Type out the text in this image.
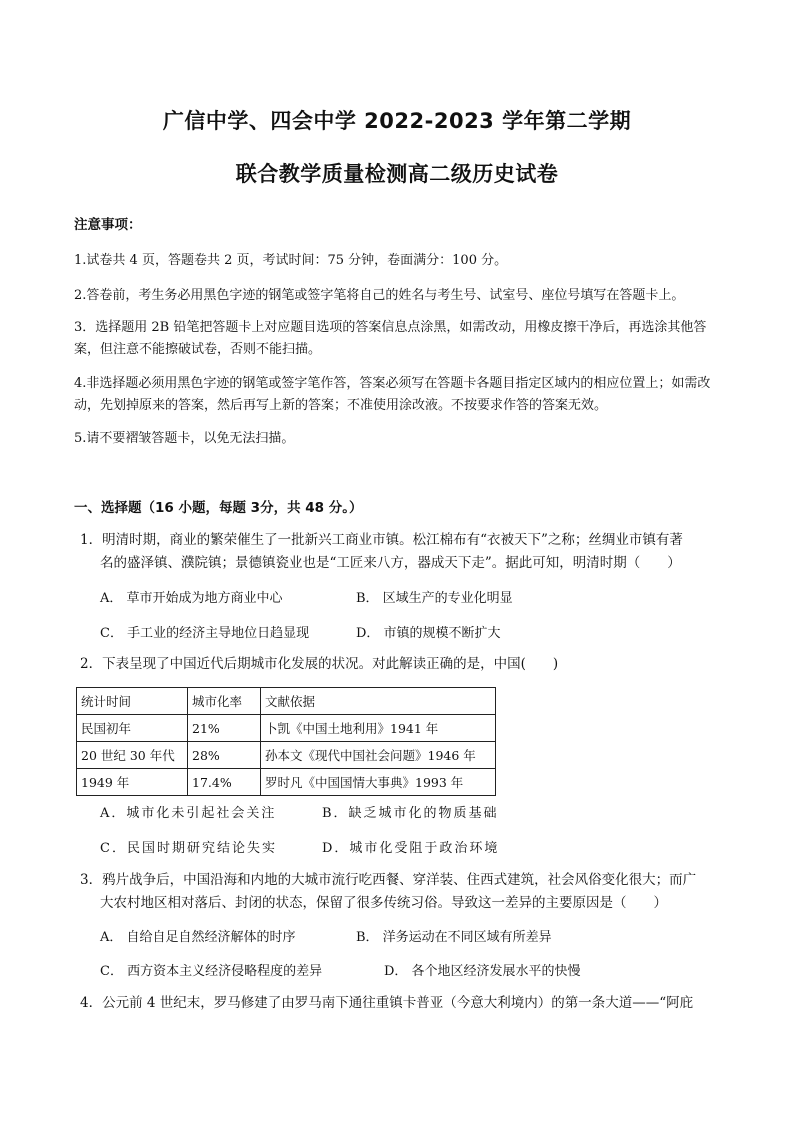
广信中学、四会中学 2022-2023 学年第二学期
联合教学质量检测高二级历史试卷
注意事项：
1.试卷共 4 页，答题卷共 2 页，考试时间：75 分钟，卷面满分：100 分。
2.答卷前，考生务必用黑色字迹的钢笔或签字笔将自己的姓名与考生号、试室号、座位号填写在答题卡上。
3．选择题用 2B 铅笔把答题卡上对应题目选项的答案信息点涂黑，如需改动，用橡皮擦干净后，再选涂其他答案，但注意不能擦破试卷，否则不能扫描。
4.非选择题必须用黑色字迹的钢笔或签字笔作答，答案必须写在答题卡各题目指定区域内的相应位置上；如需改动，先划掉原来的答案，然后再写上新的答案；不准使用涂改液。不按要求作答的答案无效。
5.请不要褶皱答题卡，以免无法扫描。
一、选择题（16 小题，每题 3分，共 48 分。）
1．明清时期，商业的繁荣催生了一批新兴工商业市镇。松江棉布有“衣被天下”之称；丝绸业市镇有著
名的盛泽镇、濮院镇；景德镇瓷业也是“工匠来八方，器成天下走”。据此可知，明清时期（　　）
A． 草市开始成为地方商业中心	B． 区域生产的专业化明显
C． 手工业的经济主导地位日趋显现	D． 市镇的规模不断扩大
2．下表呈现了中国近代后期城市化发展的状况。对此解读正确的是，中国(　　)
统计时间	城市化率	文献依据
民国初年	21%	卜凯《中国土地利用》1941 年
20 世纪 30 年代	28%	孙本文《现代中国社会问题》1946 年
1949 年	17.4%	罗时凡《中国国情大事典》1993 年
A．城市化未引起社会关注	B．缺乏城市化的物质基础
C．民国时期研究结论失实	D．城市化受阻于政治环境
3．鸦片战争后，中国沿海和内地的大城市流行吃西餐、穿洋装、住西式建筑，社会风俗变化很大；而广
大农村地区相对落后、封闭的状态，保留了很多传统习俗。导致这一差异的主要原因是（　　）
A． 自给自足自然经济解体的时序	B． 洋务运动在不同区域有所差异
C． 西方资本主义经济侵略程度的差异	D． 各个地区经济发展水平的快慢
4．公元前 4 世纪末，罗马修建了由罗马南下通往重镇卡普亚（今意大利境内）的第一条大道——“阿庇
